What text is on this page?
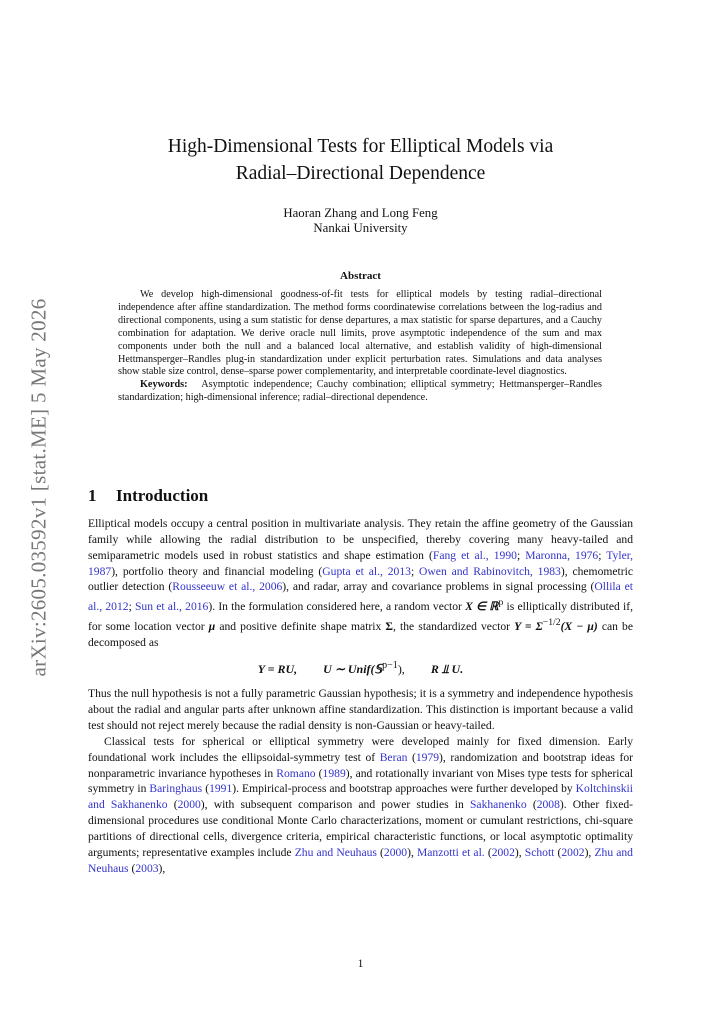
arXiv:2605.03592v1 [stat.ME] 5 May 2026
High-Dimensional Tests for Elliptical Models via
Radial–Directional Dependence
Haoran Zhang and Long Feng
Nankai University
Abstract

We develop high-dimensional goodness-of-fit tests for elliptical models by testing radial–directional independence after affine standardization. The method forms coordinatewise correlations between the log-radius and directional components, using a sum statistic for dense departures, a max statistic for sparse departures, and a Cauchy combination for adaptation. We derive oracle null limits, prove asymptotic independence of the sum and max components under both the null and a balanced local alternative, and establish validity of high-dimensional Hettmansperger–Randles plug-in standardization under explicit perturbation rates. Simulations and data analyses show stable size control, dense–sparse power complementarity, and interpretable coordinate-level diagnostics.

Keywords: Asymptotic independence; Cauchy combination; elliptical symmetry; Hettmansperger–Randles standardization; high-dimensional inference; radial–directional dependence.

1 Introduction

Elliptical models occupy a central position in multivariate analysis. They retain the affine geometry of the Gaussian family while allowing the radial distribution to be unspecified, thereby covering many heavy-tailed and semiparametric models used in robust statistics and shape estimation (Fang et al., 1990; Maronna, 1976; Tyler, 1987), portfolio theory and financial modeling (Gupta et al., 2013; Owen and Rabinovitch, 1983), chemometric outlier detection (Rousseeuw et al., 2006), and radar, array and covariance problems in signal processing (Ollila et al., 2012; Sun et al., 2016). In the formulation considered here, a random vector X ∈ ℝ$^p$ is elliptically distributed if, for some location vector μ and positive definite shape matrix Σ, the standardized vector $Y = \Sigma^{-1/2}(X - \mu)$ can be decomposed as

Y = RU, U ∼ Unif(𝕊$^{p-1}$), R ⫫ U.

Thus the null hypothesis is not a fully parametric Gaussian hypothesis; it is a symmetry and independence hypothesis about the radial and angular parts after unknown affine standardization. This distinction is important because a valid test should not reject merely because the radial density is non-Gaussian or heavy-tailed.

Classical tests for spherical or elliptical symmetry were developed mainly for fixed dimension. Early foundational work includes the ellipsoidal-symmetry test of Beran (1979), randomization and bootstrap ideas for nonparametric invariance hypotheses in Romano (1989), and rotationally invariant von Mises type tests for spherical symmetry in Baringhaus (1991). Empirical-process and bootstrap approaches were further developed by Koltchinskii and Sakhanenko (2000), with subsequent comparison and power studies in Sakhanenko (2008). Other fixed-dimensional procedures use conditional Monte Carlo characterizations, moment or cumulant restrictions, chi-square partitions of directional cells, divergence criteria, empirical characteristic functions, or local asymptotic optimality arguments; representative examples include Zhu and Neuhaus (2000), Manzotti et al. (2002), Schott (2002), Zhu and Neuhaus (2003),

1
